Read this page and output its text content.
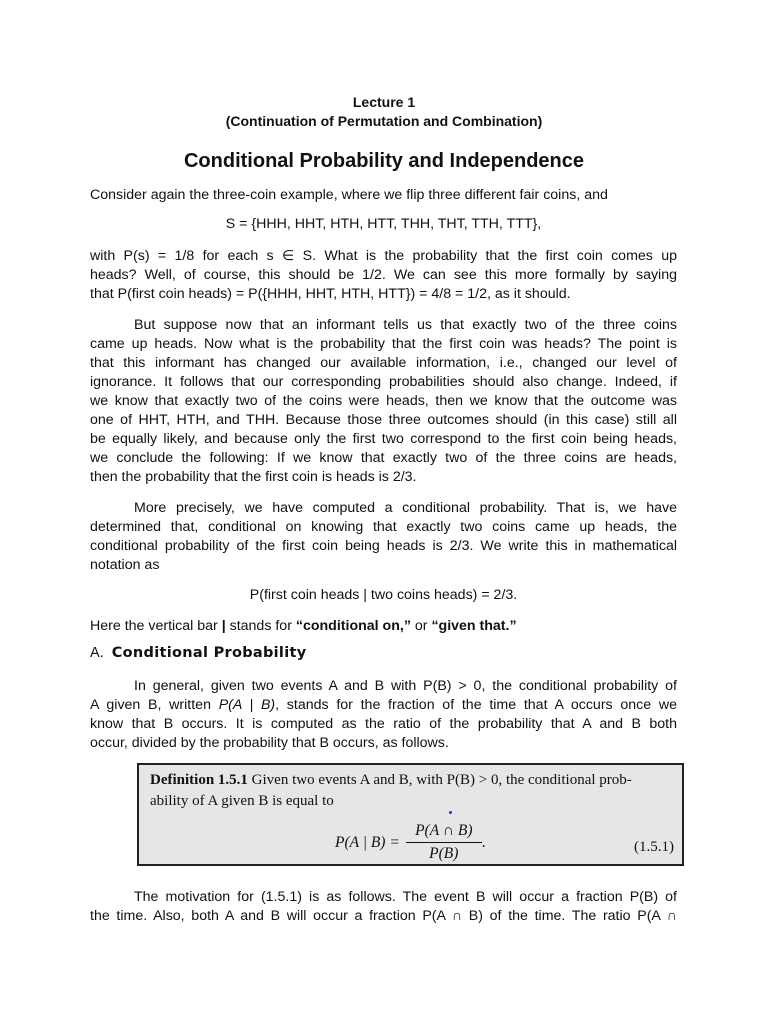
Lecture 1
(Continuation of Permutation and Combination)
Conditional Probability and Independence
Consider again the three-coin example, where we flip three different fair coins, and
S = {HHH, HHT, HTH, HTT, THH, THT, TTH, TTT},
with P(s) = 1/8 for each s ∈ S. What is the probability that the first coin comes up
heads? Well, of course, this should be 1/2. We can see this more formally by saying
that P(first coin heads) = P({HHH, HHT, HTH, HTT}) = 4/8 = 1/2, as it should.
But suppose now that an informant tells us that exactly two of the three coins
came up heads. Now what is the probability that the first coin was heads? The point is
that this informant has changed our available information, i.e., changed our level of
ignorance. It follows that our corresponding probabilities should also change. Indeed, if
we know that exactly two of the coins were heads, then we know that the outcome was
one of HHT, HTH, and THH. Because those three outcomes should (in this case) still all
be equally likely, and because only the first two correspond to the first coin being heads,
we conclude the following: If we know that exactly two of the three coins are heads,
then the probability that the first coin is heads is 2/3.
More precisely, we have computed a conditional probability. That is, we have
determined that, conditional on knowing that exactly two coins came up heads, the
conditional probability of the first coin being heads is 2/3. We write this in mathematical
notation as
P(first coin heads | two coins heads) = 2/3.
Here the vertical bar | stands for “conditional on,” or “given that.”
A. Conditional Probability
In general, given two events A and B with P(B) > 0, the conditional probability of
A given B, written P(A | B), stands for the fraction of the time that A occurs once we
know that B occurs. It is computed as the ratio of the probability that A and B both
occur, divided by the probability that B occurs, as follows.
Definition 1.5.1 Given two events A and B, with P(B) > 0, the conditional prob-
ability of A given B is equal to
P(A | $B) = \frac{P(A \cap B)}{P(B)}$ .	(1.5.1)
The motivation for (1.5.1) is as follows. The event B will occur a fraction P(B) of
the time. Also, both A and B will occur a fraction P(A ∩ B) of the time. The ratio P(A ∩
